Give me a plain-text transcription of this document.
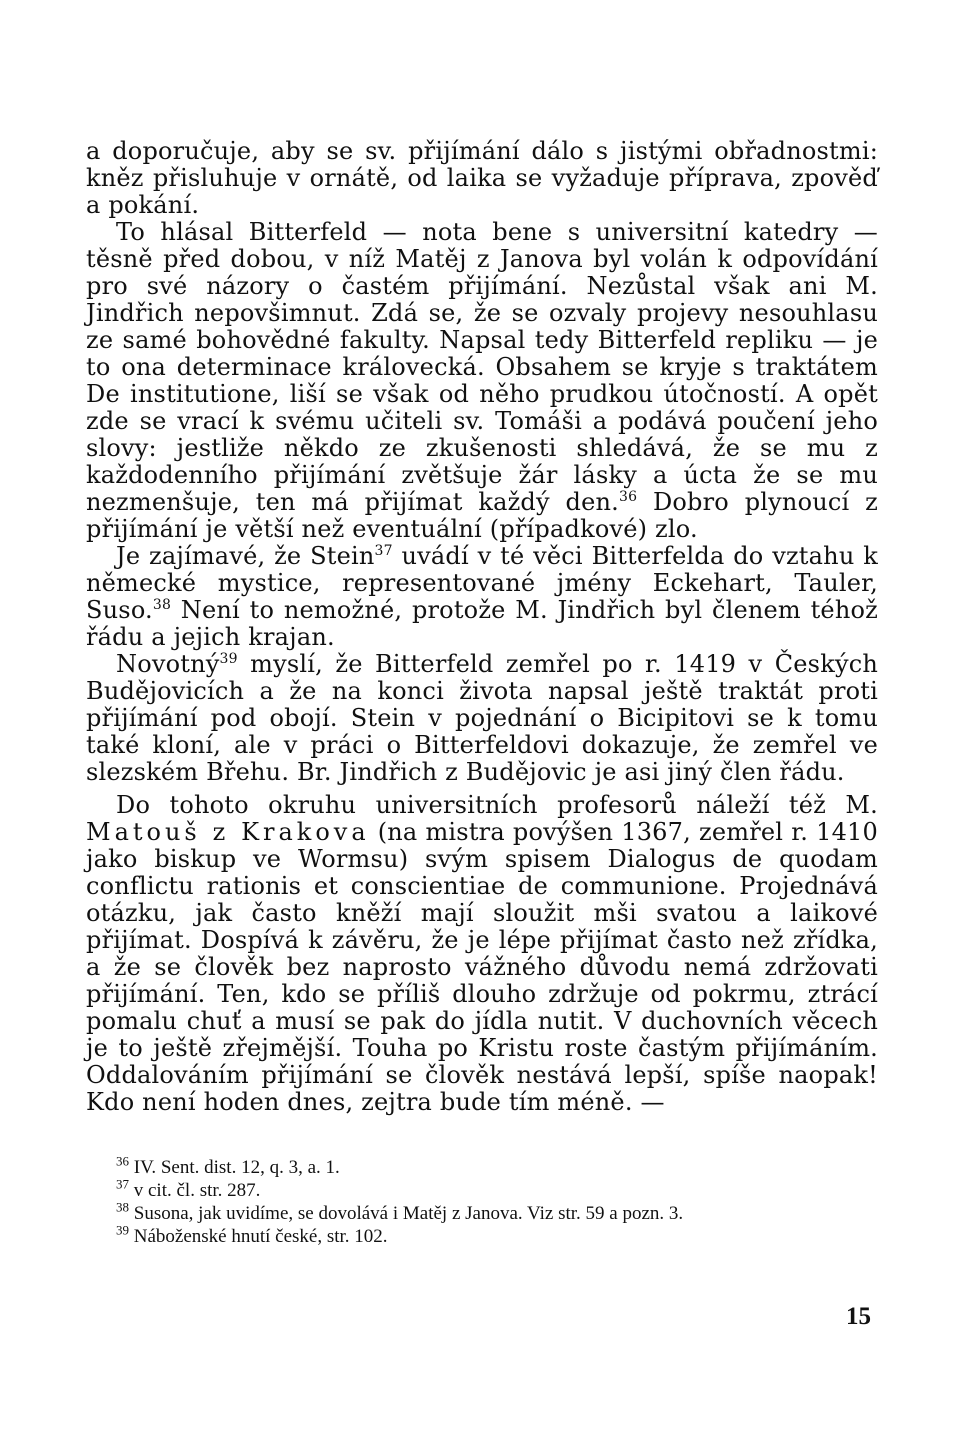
a doporučuje, aby se sv. přijímání dálo s jistými obřadnostmi: kněz přisluhuje v ornátě, od laika se vyžaduje příprava, zpověď a pokání.

To hlásal Bitterfeld — nota bene s universitní katedry — těsně před dobou, v níž Matěj z Janova byl volán k odpovídání pro své názory o častém přijímání. Nezůstal však ani M. Jindřich nepovšimnut. Zdá se, že se ozvaly projevy nesouhlasu ze samé bohovědné fakulty. Napsal tedy Bitterfeld repliku — je to ona determinace královecká. Obsahem se kryje s traktátem De institutione, liší se však od něho prudkou útočností. A opět zde se vrací k svému učiteli sv. Tomáši a podává poučení jeho slovy: jestliže někdo ze zkušenosti shledává, že se mu z každodenního přijímání zvětšuje žár lásky a úcta že se mu nezmenšuje, ten má přijímat každý den.$^{36}$ Dobro plynoucí z přijímání je větší než eventuální (případkové) zlo.

Je zajímavé, že Stein$^{37}$ uvádí v té věci Bitterfelda do vztahu k německé mystice, representované jmény Eckehart, Tauler, Suso.$^{38}$ Není to nemožné, protože M. Jindřich byl členem téhož řádu a jejich krajan.

Novotný$^{39}$ myslí, že Bitterfeld zemřel po r. 1419 v Českých Budějovicích a že na konci života napsal ještě traktát proti přijímání pod obojí. Stein v pojednání o Bicipitovi se k tomu také kloní, ale v práci o Bitterfeldovi dokazuje, že zemřel ve slezském Břehu. Br. Jindřich z Budějovic je asi jiný člen řádu.

Do tohoto okruhu universitních profesorů náleží též M. Matouš z Krakova (na mistra povýšen 1367, zemřel r. 1410 jako biskup ve Wormsu) svým spisem Dialogus de quodam conflictu rationis et conscientiae de communione. Projednává otázku, jak často kněží mají sloužit mši svatou a laikové přijímat. Dospívá k závěru, že je lépe přijímat často než zřídka, a že se člověk bez naprosto vážného důvodu nemá zdržovati přijímání. Ten, kdo se příliš dlouho zdržuje od pokrmu, ztrácí pomalu chuť a musí se pak do jídla nutit. V duchovních věcech je to ještě zřejmější. Touha po Kristu roste častým přijímáním. Oddalováním přijímání se člověk nestává lepší, spíše naopak! Kdo není hoden dnes, zejtra bude tím méně. —

$^{36}$ IV. Sent. dist. 12, q. 3, a. 1.

$^{37}$ v cit. čl. str. 287.

$^{38}$ Susona, jak uvidíme, se dovolává i Matěj z Janova. Viz str. 59 a pozn. 3.

$^{39}$ Náboženské hnutí české, str. 102.

15
